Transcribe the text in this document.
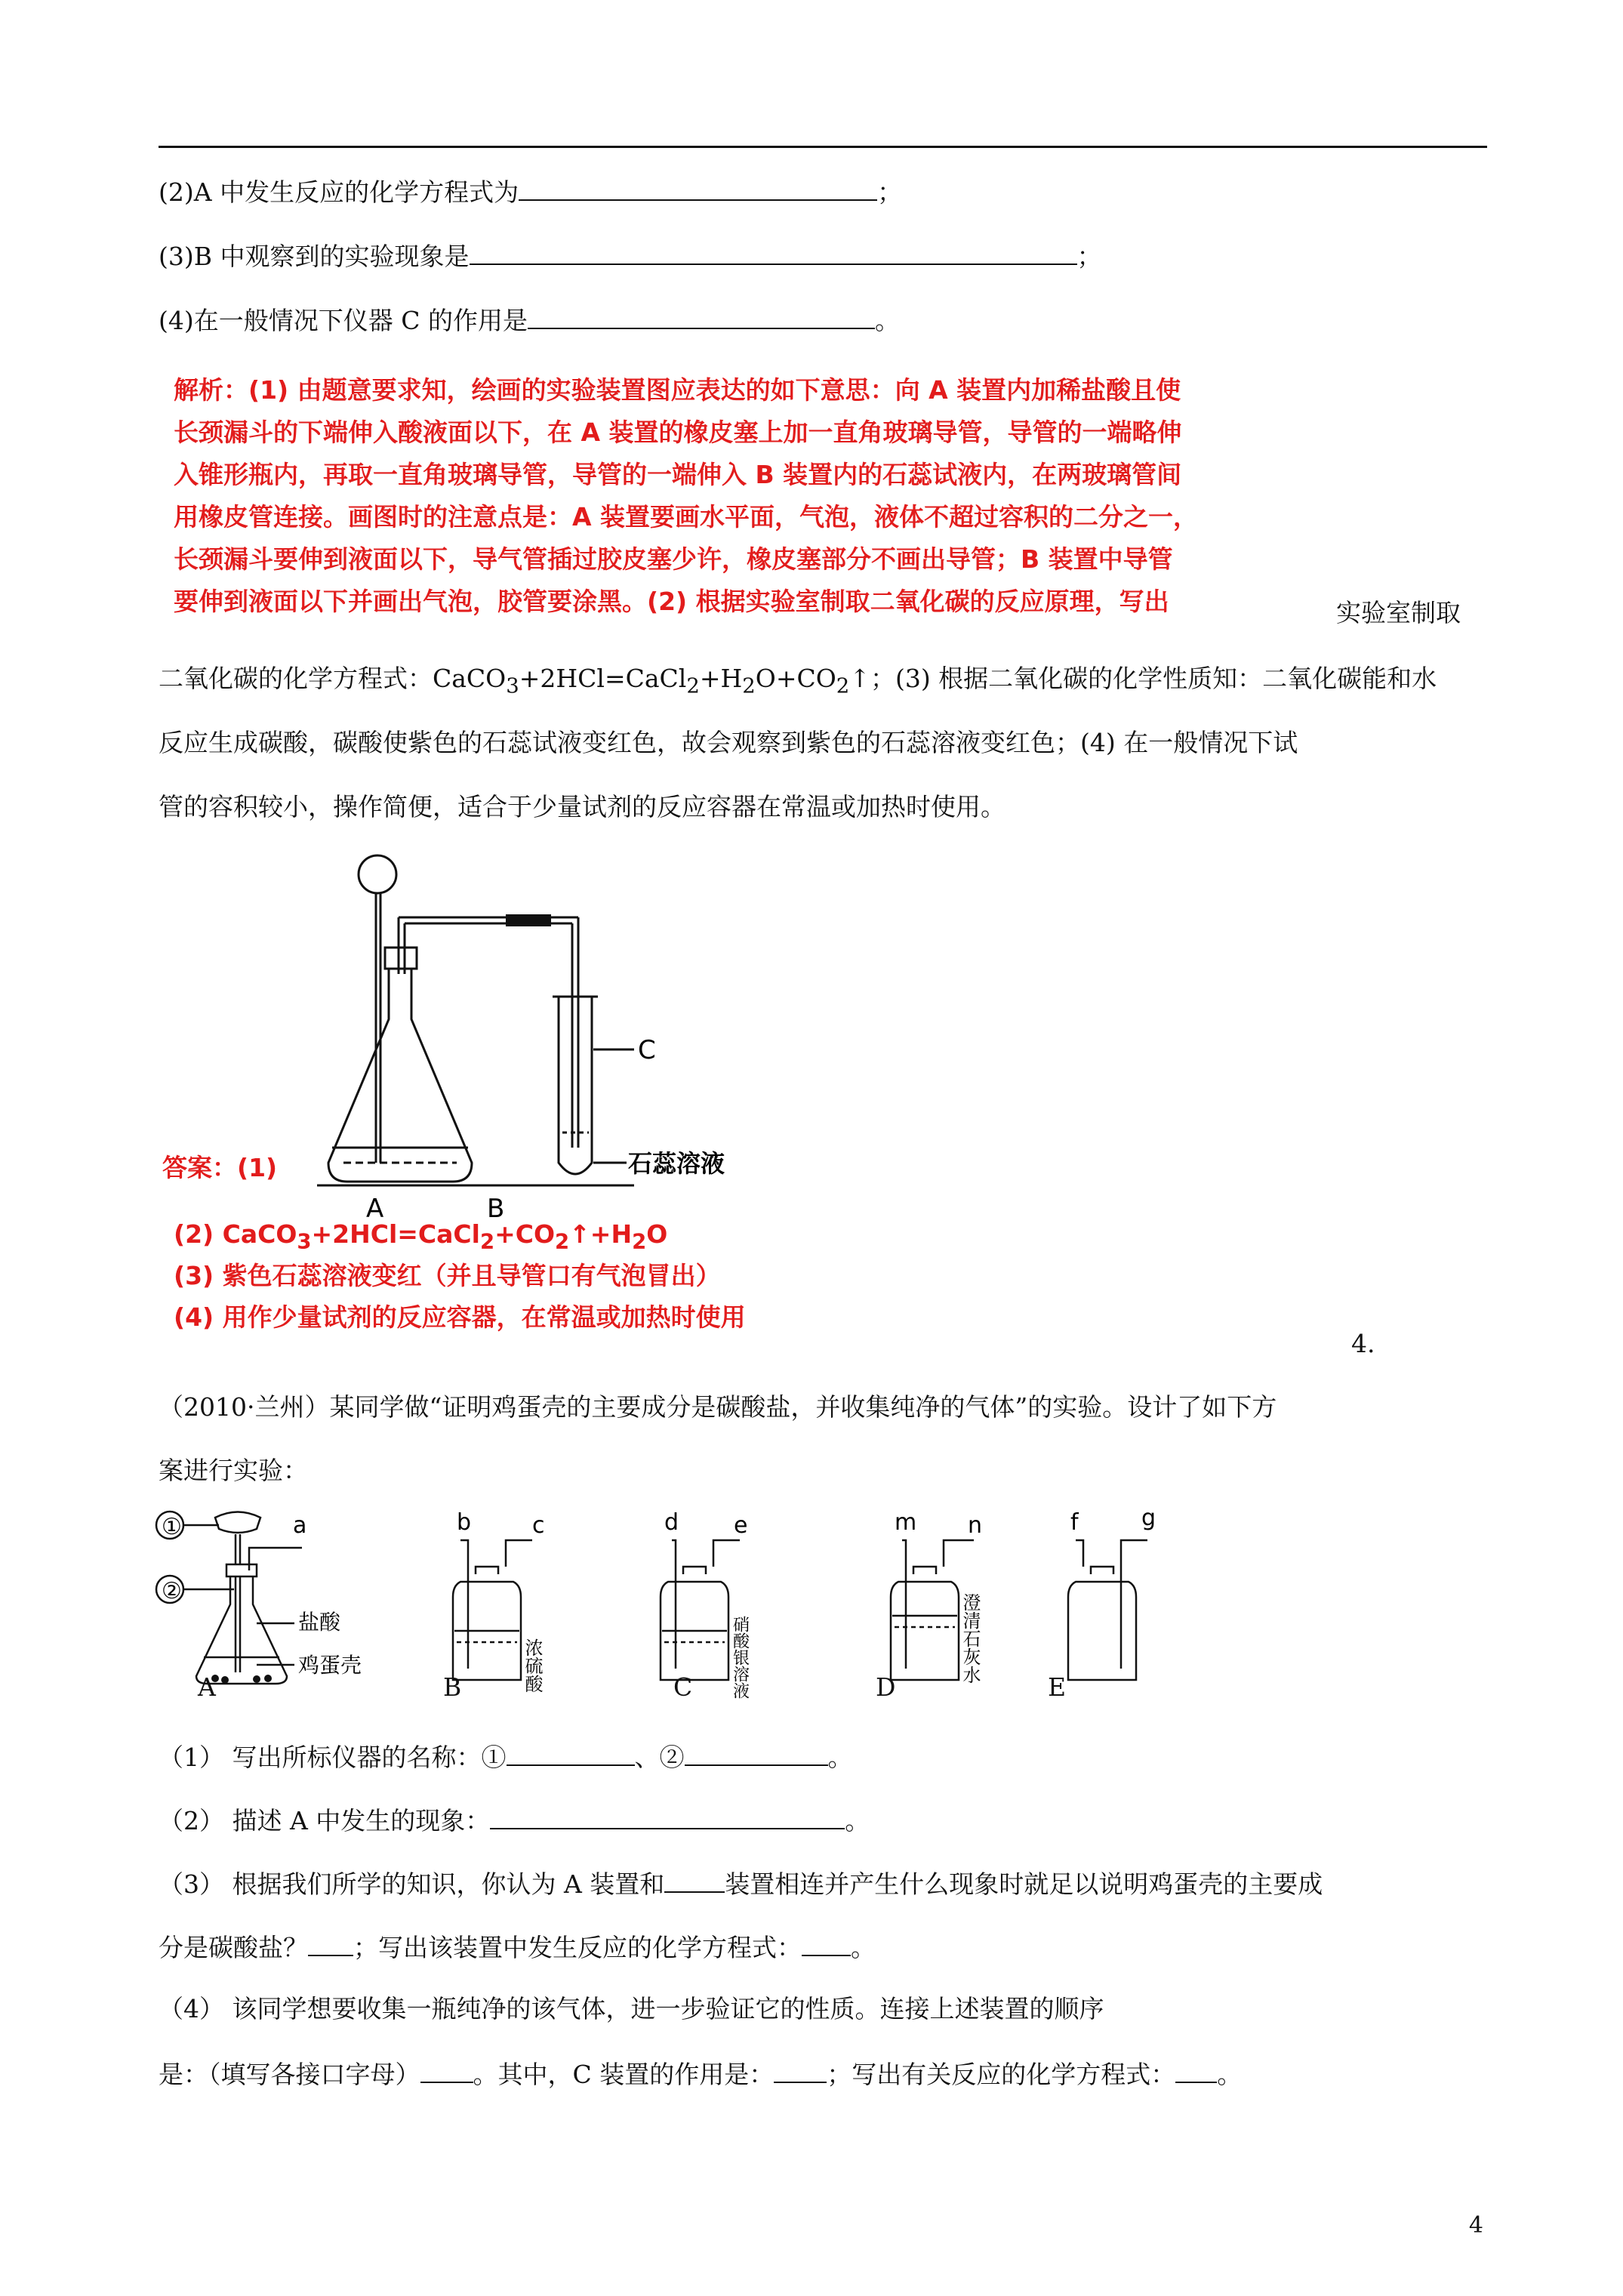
(2)A 中发生反应的化学方程式为	；
(3)B 中观察到的实验现象是	；
(4)在一般情况下仪器 C 的作用是	。
解析：(1) 由题意要求知，绘画的实验装置图应表达的如下意思：向 A 装置内加稀盐酸且使
长颈漏斗的下端伸入酸液面以下，在 A 装置的橡皮塞上加一直角玻璃导管，导管的一端略伸
入锥形瓶内，再取一直角玻璃导管，导管的一端伸入 B 装置内的石蕊试液内，在两玻璃管间
用橡皮管连接。画图时的注意点是：A 装置要画水平面，气泡，液体不超过容积的二分之一，
长颈漏斗要伸到液面以下，导气管插过胶皮塞少许，橡皮塞部分不画出导管；B 装置中导管
要伸到液面以下并画出气泡，胶管要涂黑。(2) 根据实验室制取二氧化碳的反应原理，写出	实验室制取
二氧化碳的化学方程式：$CaCO_3+2HCl=CaCl_2+H_2O+CO_2↑$；(3) 根据二氧化碳的化学性质知：二氧化碳能和水
反应生成碳酸，碳酸使紫色的石蕊试液变红色，故会观察到紫色的石蕊溶液变红色；(4) 在一般情况下试
管的容积较小，操作简便，适合于少量试剂的反应容器在常温或加热时使用。
C
石蕊溶液
A	B
答案：(1)
(2) $CaCO_3+2HCl=CaCl_2+CO_2↑+H_2O$
(3) 紫色石蕊溶液变红（并且导管口有气泡冒出）
(4) 用作少量试剂的反应容器，在常温或加热时使用
4.
（2010·兰州）某同学做“证明鸡蛋壳的主要成分是碳酸盐，并收集纯净的气体”的实验。设计了如下方
案进行实验：
①
②
a
盐酸
鸡蛋壳
b	c
浓硫酸
d e
硝酸银溶液
m n
澄清石灰水
f	g
A	B	C	D	E
（1） 写出所标仪器的名称：①	、②	。
（2） 描述 A 中发生的现象：	。
（3） 根据我们所学的知识，你认为 A 装置和 装置相连并产生什么现象时就足以说明鸡蛋壳的主要成
分是碳酸盐？ ；写出该装置中发生反应的化学方程式： 。
（4） 该同学想要收集一瓶纯净的该气体，进一步验证它的性质。连接上述装置的顺序
是：（填写各接口字母） 。其中，C 装置的作用是： ；写出有关反应的化学方程式： 。
4
